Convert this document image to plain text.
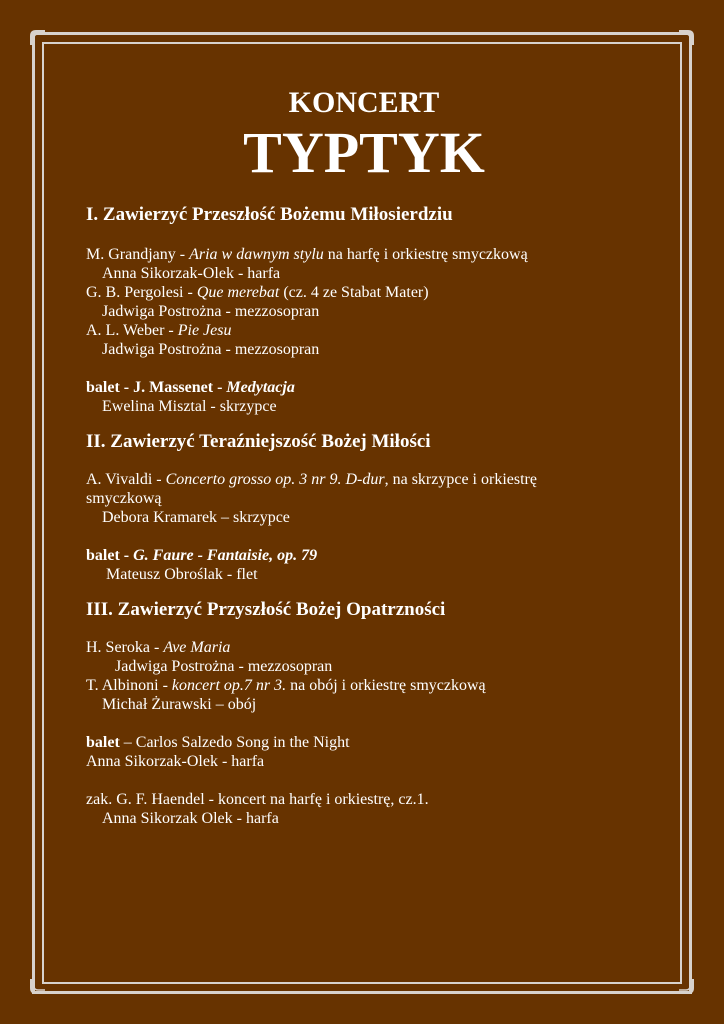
KONCERT
TYPTYK
I. Zawierzyć Przeszłość Bożemu Miłosierdziu
M. Grandjany - Aria w dawnym stylu na harfę i orkiestrę smyczkową
Anna Sikorzak-Olek - harfa
G. B. Pergolesi - Que merebat (cz. 4 ze Stabat Mater)
Jadwiga Postrożna - mezzosopran
A. L. Weber - Pie Jesu
Jadwiga Postrożna - mezzosopran
balet - J. Massenet - Medytacja
Ewelina Misztal - skrzypce
II. Zawierzyć Teraźniejszość Bożej Miłości
A. Vivaldi - Concerto grosso op. 3 nr 9. D-dur, na skrzypce i orkiestrę
smyczkową
Debora Kramarek – skrzypce
balet - G. Faure - Fantaisie, op. 79
Mateusz Obroślak - flet
III. Zawierzyć Przyszłość Bożej Opatrzności
H. Seroka - Ave Maria
Jadwiga Postrożna - mezzosopran
T. Albinoni - koncert op.7 nr 3. na obój i orkiestrę smyczkową
Michał Żurawski – obój
balet – Carlos Salzedo Song in the Night
Anna Sikorzak-Olek - harfa
zak. G. F. Haendel - koncert na harfę i orkiestrę, cz.1.
Anna Sikorzak Olek - harfa
